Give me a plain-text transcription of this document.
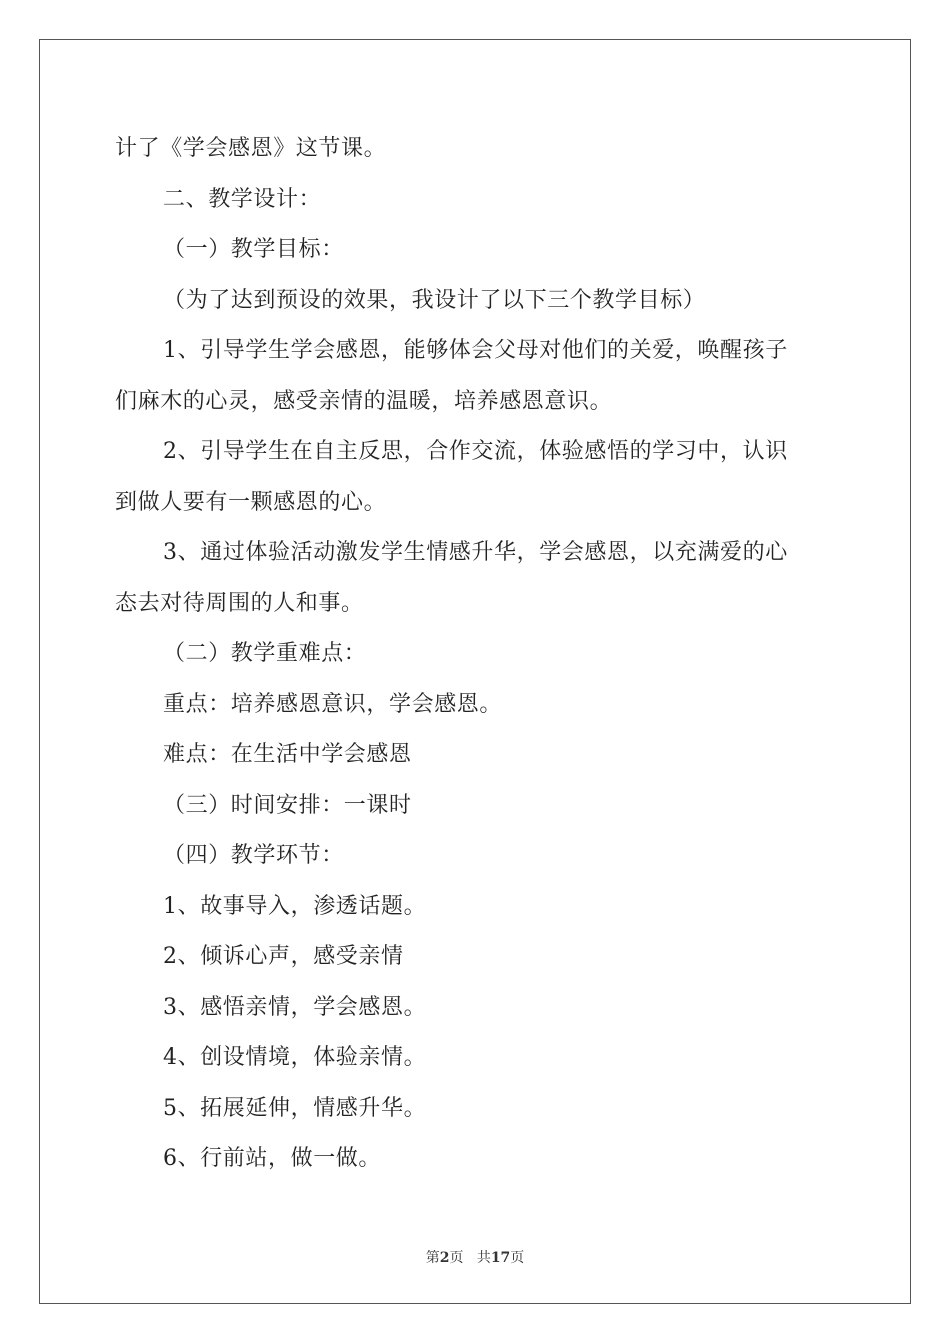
计了《学会感恩》这节课。
二、教学设计：
（一）教学目标：
（为了达到预设的效果，我设计了以下三个教学目标）
1、引导学生学会感恩，能够体会父母对他们的关爱，唤醒孩子
们麻木的心灵，感受亲情的温暖，培养感恩意识。
2、引导学生在自主反思，合作交流，体验感悟的学习中，认识
到做人要有一颗感恩的心。
3、通过体验活动激发学生情感升华，学会感恩，以充满爱的心
态去对待周围的人和事。
（二）教学重难点：
重点：培养感恩意识，学会感恩。
难点：在生活中学会感恩
（三）时间安排：一课时
（四）教学环节：
1、故事导入，渗透话题。
2、倾诉心声，感受亲情
3、感悟亲情，学会感恩。
4、创设情境，体验亲情。
5、拓展延伸，情感升华。
6、行前站，做一做。
第2页 共17页
